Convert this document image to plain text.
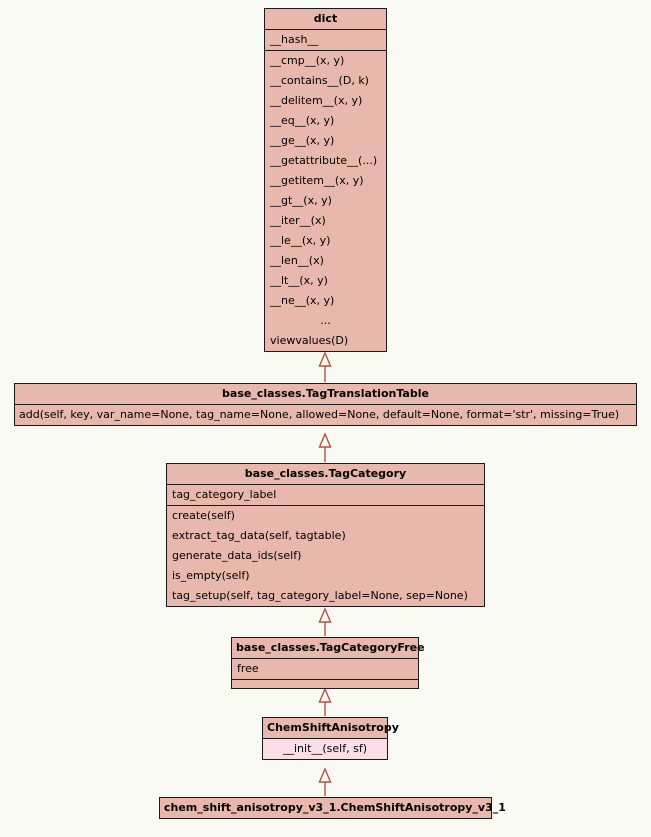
dict
__hash__
__cmp__(x, y)
__contains__(D, k)
__delitem__(x, y)
__eq__(x, y)
__ge__(x, y)
__getattribute__(...)
__getitem__(x, y)
__gt__(x, y)
__iter__(x)
__le__(x, y)
__len__(x)
__lt__(x, y)
__ne__(x, y)
...
viewvalues(D)
base_classes.TagTranslationTable
add(self, key, var_name=None, tag_name=None, allowed=None, default=None, format='str', missing=True)
base_classes.TagCategory
tag_category_label
create(self)
extract_tag_data(self, tagtable)
generate_data_ids(self)
is_empty(self)
tag_setup(self, tag_category_label=None, sep=None)
base_classes.TagCategoryFree
free
ChemShiftAnisotropy
__init__(self, sf)
chem_shift_anisotropy_v3_1.ChemShiftAnisotropy_v3_1
